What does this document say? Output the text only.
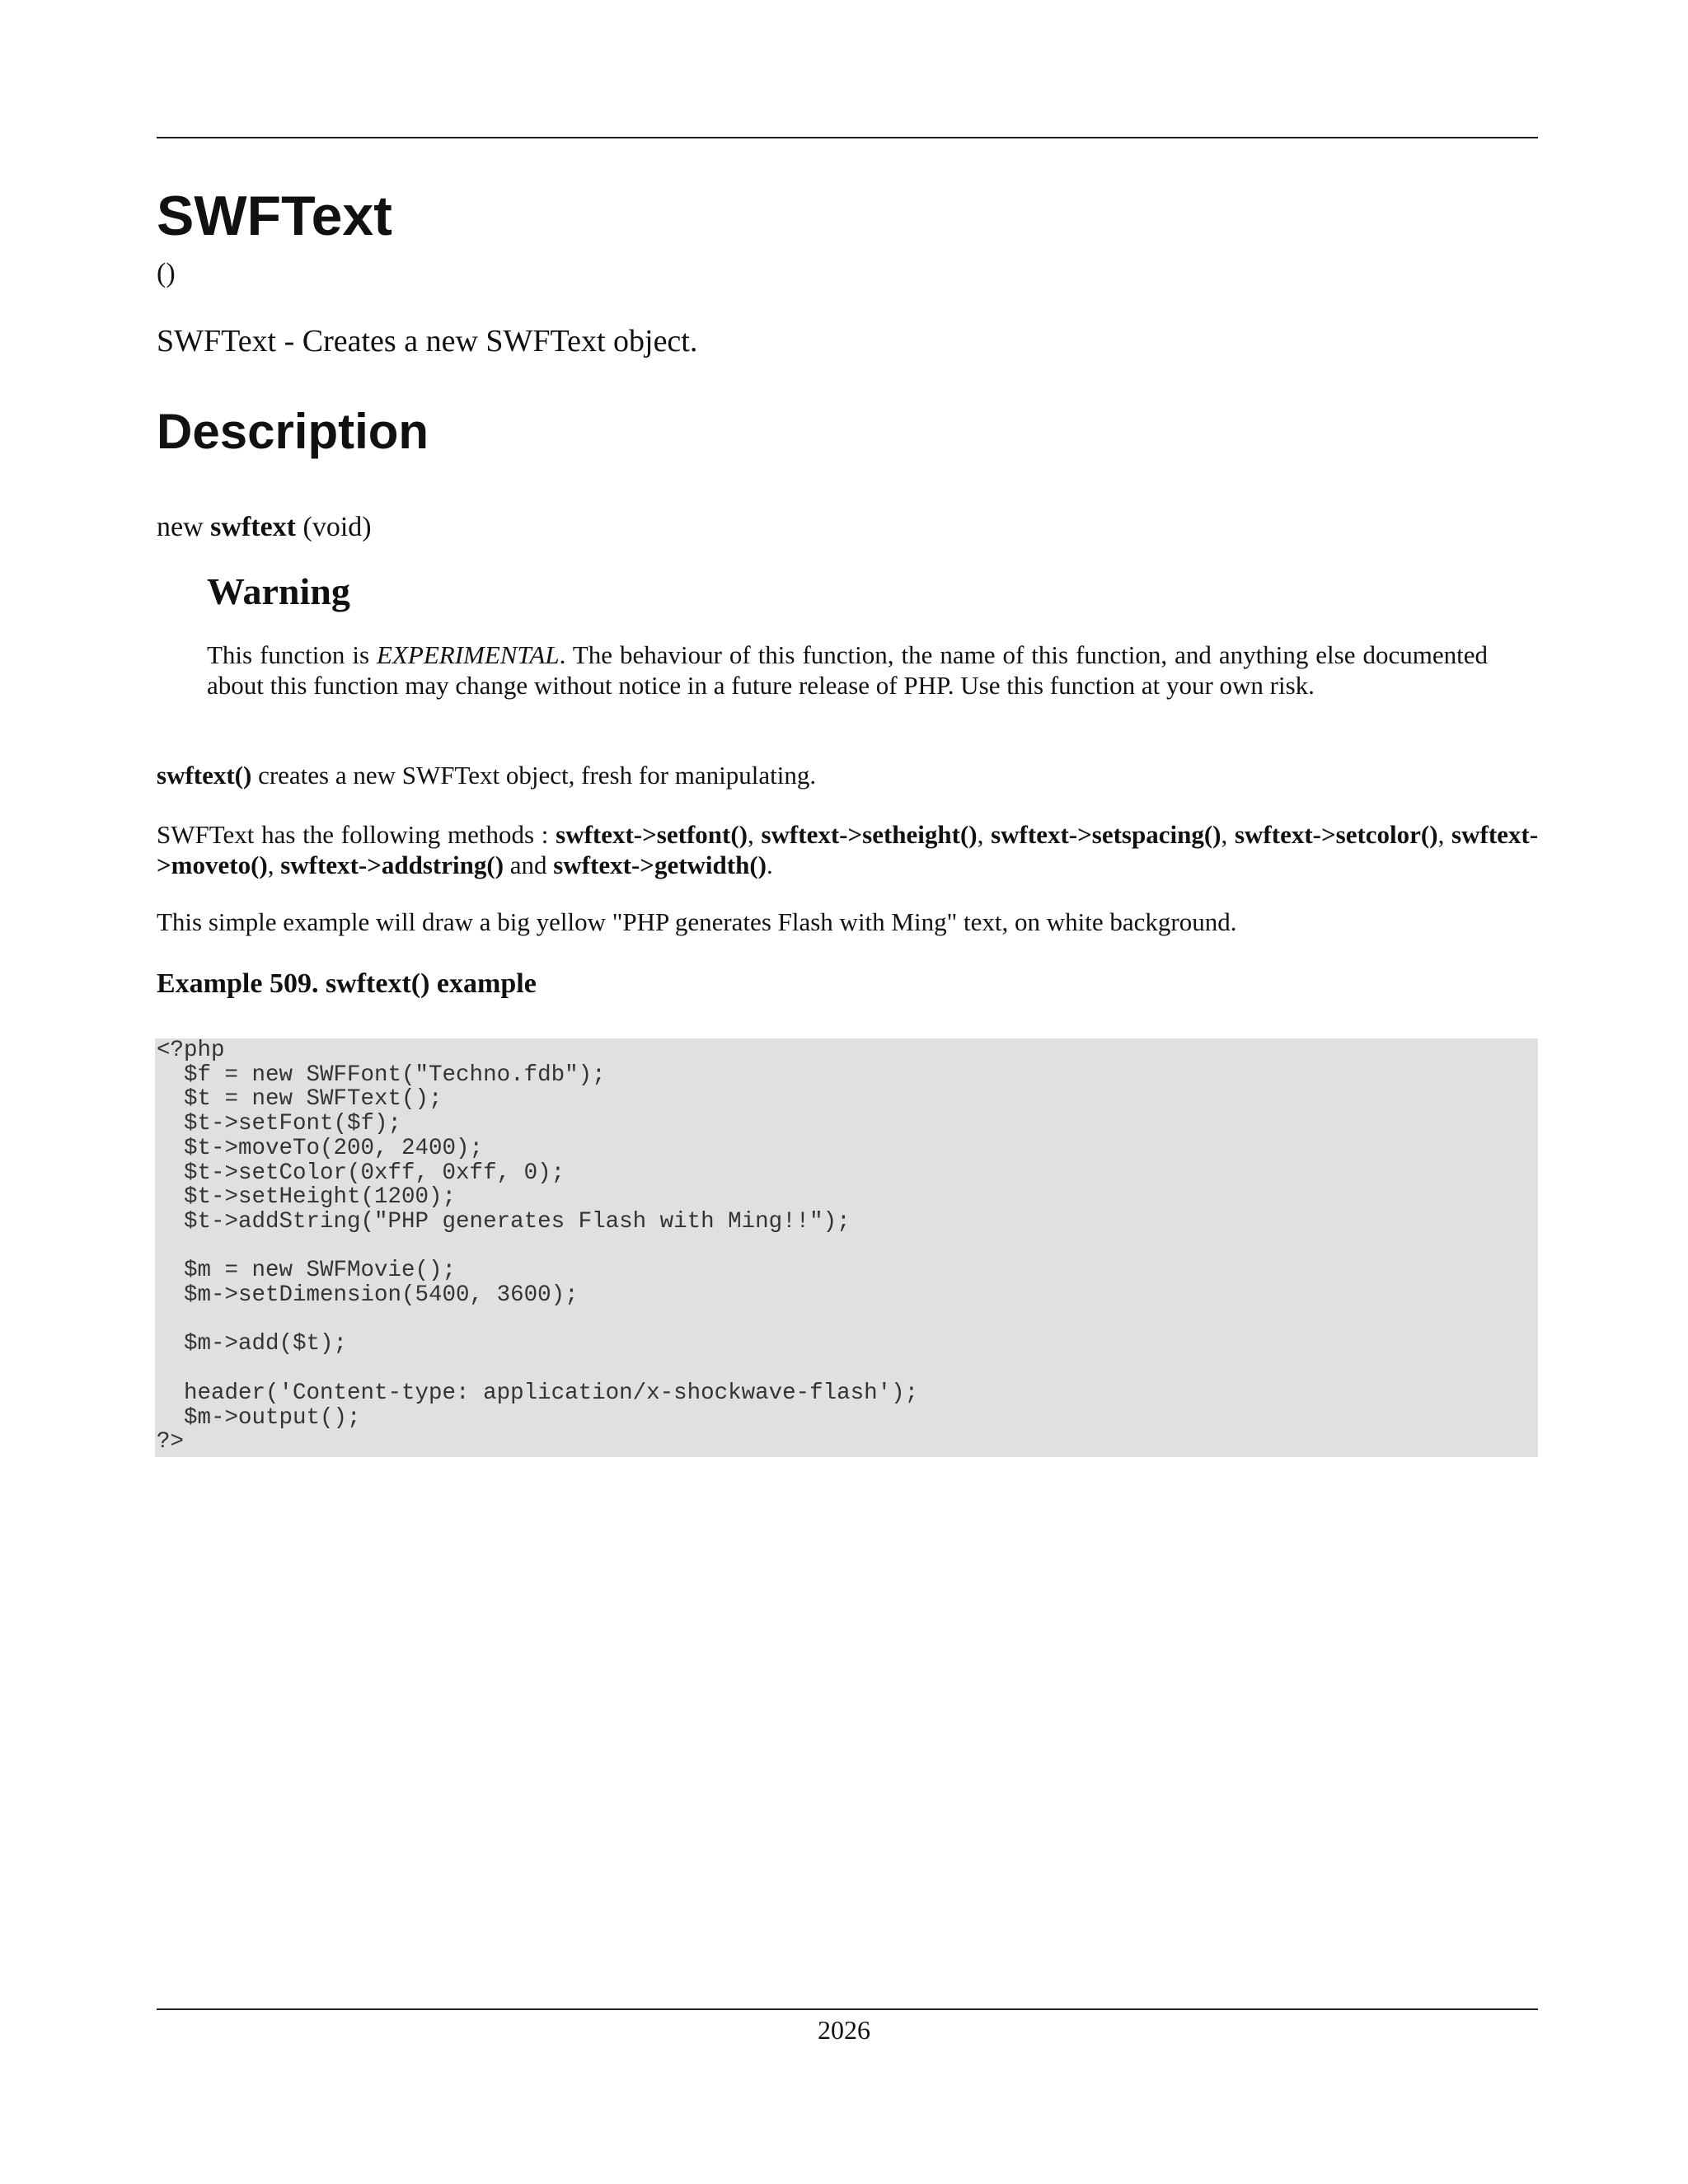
SWFText
()
SWFText - Creates a new SWFText object.
Description
new swftext (void)
Warning
This function is EXPERIMENTAL. The behaviour of this function, the name of this function, and anything else documented about this function may change without notice in a future release of PHP. Use this function at your own risk.
swftext() creates a new SWFText object, fresh for manipulating.
SWFText has the following methods : swftext->setfont(), swftext->setheight(), swftext->setspacing(), swftext->setcolor(), swftext->moveto(), swftext->addstring() and swftext->getwidth().
This simple example will draw a big yellow "PHP generates Flash with Ming" text, on white background.
Example 509. swftext() example
<?php
$f = new SWFFont("Techno.fdb");
$t = new SWFText();
$t->setFont($f);
$t->moveTo(200, 2400);
$t->setColor(0xff, 0xff, 0);
$t->setHeight(1200);
$t->addString("PHP generates Flash with Ming!!");

$m = new SWFMovie();
$m->setDimension(5400, 3600);

$m->add($t);

header('Content-type: application/x-shockwave-flash');
$m->output();
?>
2026
